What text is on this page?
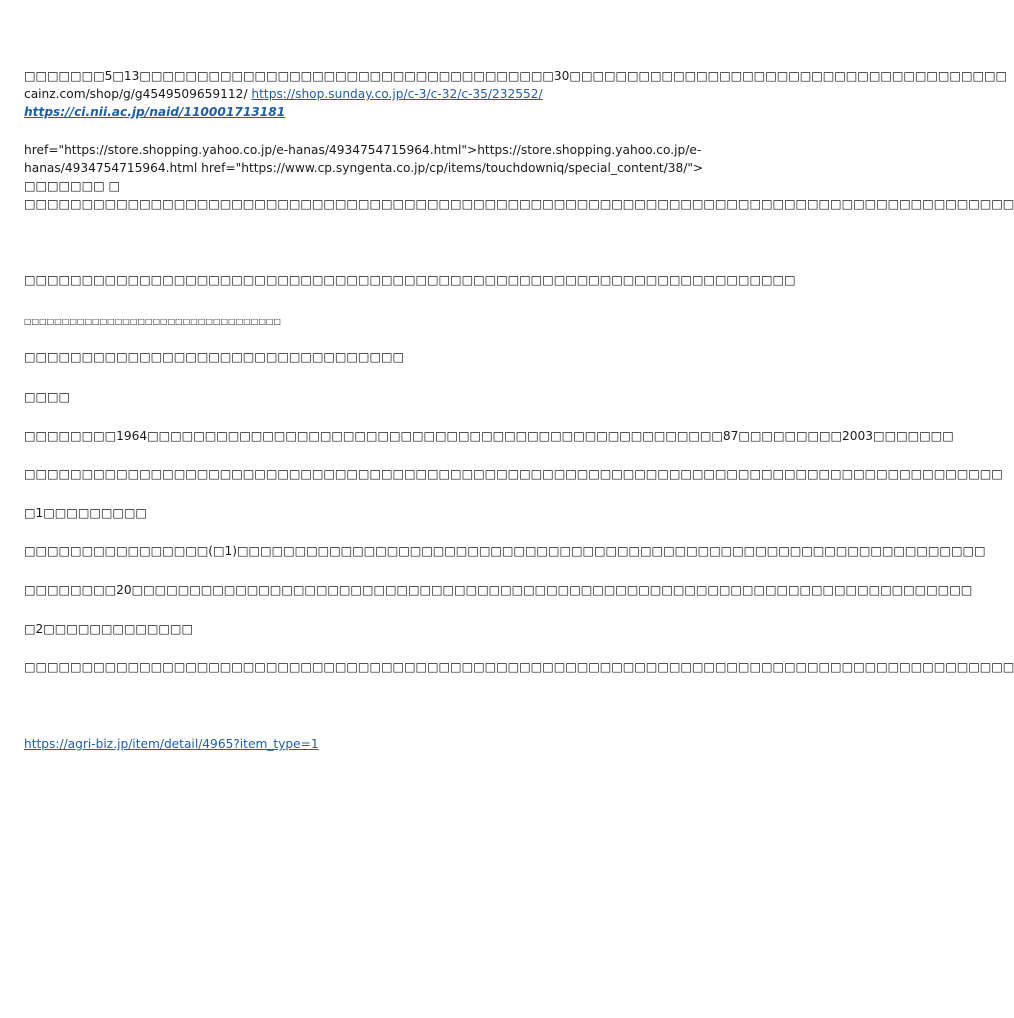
□□□□□□□5□13□□□□□□□□□□□□□□□□□□□□□□□□□□□□□□□□□□□□30□□□□□□□□□□□□□□□□□□□□□□□□□□□□□□□□□□□□□□
cainz.com/shop/g/g4549509659112/ https://shop.sunday.co.jp/c-3/c-32/c-35/232552/
https://ci.nii.ac.jp/naid/110001713181
href="https://store.shopping.yahoo.co.jp/e-hanas/4934754715964.html">https://store.shopping.yahoo.co.jp/e-
hanas/4934754715964.html href="https://www.cp.syngenta.co.jp/cp/items/touchdowniq/special_content/38/">
□□□□□□□ □
□□□□□□□□□□□□□□□□□□□□□□□□□□□□□□□□□□□□□□□□□□□□□□□□□□□□□□□□□□□□□□□□□□□□□□□□□□□□□□□□□□□□□□
□□□□□□□□□□□□□□□□□□□□□□□□□□□□□□□□□□□□□□□□□□□□□□□□□□□□□□□□□□□□□□□□□□□
□□□□□□□□□□□□□□□□□□□□□□□□□□□□□□□□□□
□□□□□□□□□□□□□□□□□□□□□□□□□□□□□□□□□
□□□□
□□□□□□□□1964□□□□□□□□□□□□□□□□□□□□□□□□□□□□□□□□□□□□□□□□□□□□□□□□□□87□□□□□□□□□2003□□□□□□□
□□□□□□□□□□□□□□□□□□□□□□□□□□□□□□□□□□□□□□□□□□□□□□□□□□□□□□□□□□□□□□□□□□□□□□□□□□□□□□□□□□□□□
□1□□□□□□□□□
□□□□□□□□□□□□□□□□(□1)□□□□□□□□□□□□□□□□□□□□□□□□□□□□□□□□□□□□□□□□□□□□□□□□□□□□□□□□□□□□□□□□□
□□□□□□□□20□□□□□□□□□□□□□□□□□□□□□□□□□□□□□□□□□□□□□□□□□□□□□□□□□□□□□□□□□□□□□□□□□□□□□□□□□
□2□□□□□□□□□□□□□
□□□□□□□□□□□□□□□□□□□□□□□□□□□□□□□□□□□□□□□□□□□□□□□□□□□□□□□□□□□□□□□□□□□□□□□□□□□□□□□□□□□□□□
https://agri-biz.jp/item/detail/4965?item_type=1
